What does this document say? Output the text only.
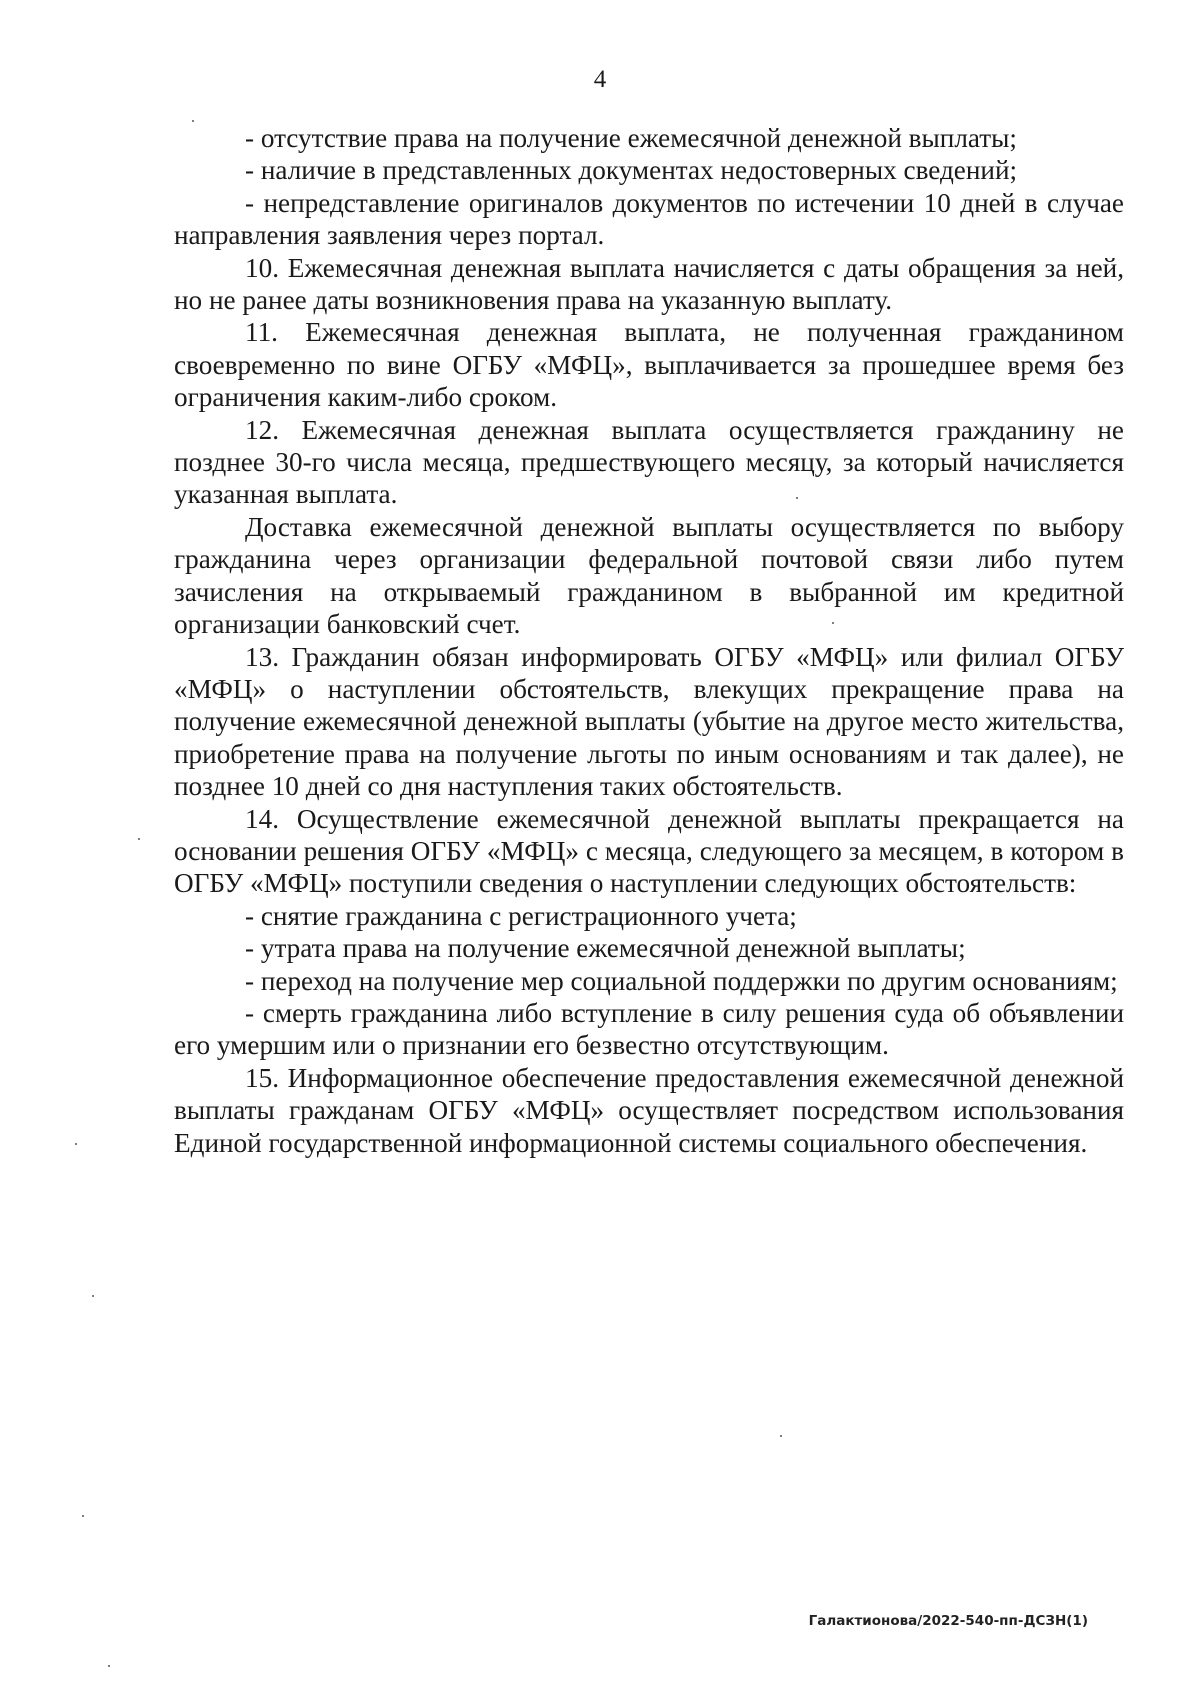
4

- отсутствие права на получение ежемесячной денежной выплаты;

- наличие в представленных документах недостоверных сведений;

- непредставление оригиналов документов по истечении 10 дней в случае направления заявления через портал.

10. Ежемесячная денежная выплата начисляется с даты обращения за ней, но не ранее даты возникновения права на указанную выплату.

11. Ежемесячная денежная выплата, не полученная гражданином своевременно по вине ОГБУ «МФЦ», выплачивается за прошедшее время без ограничения каким-либо сроком.

12. Ежемесячная денежная выплата осуществляется гражданину не позднее 30-го числа месяца, предшествующего месяцу, за который начисляется указанная выплата.

Доставка ежемесячной денежной выплаты осуществляется по выбору гражданина через организации федеральной почтовой связи либо путем зачисления на открываемый гражданином в выбранной им кредитной организации банковский счет.

13. Гражданин обязан информировать ОГБУ «МФЦ» или филиал ОГБУ «МФЦ» о наступлении обстоятельств, влекущих прекращение права на получение ежемесячной денежной выплаты (убытие на другое место жительства, приобретение права на получение льготы по иным основаниям и так далее), не позднее 10 дней со дня наступления таких обстоятельств.

14. Осуществление ежемесячной денежной выплаты прекращается на основании решения ОГБУ «МФЦ» с месяца, следующего за месяцем, в котором в ОГБУ «МФЦ» поступили сведения о наступлении следующих обстоятельств:

- снятие гражданина с регистрационного учета;

- утрата права на получение ежемесячной денежной выплаты;

- переход на получение мер социальной поддержки по другим основаниям;

- смерть гражданина либо вступление в силу решения суда об объявлении его умершим или о признании его безвестно отсутствующим.

15. Информационное обеспечение предоставления ежемесячной денежной выплаты гражданам ОГБУ «МФЦ» осуществляет посредством использования Единой государственной информационной системы социального обеспечения.

Галактионова/2022-540-пп-ДСЗН(1)
